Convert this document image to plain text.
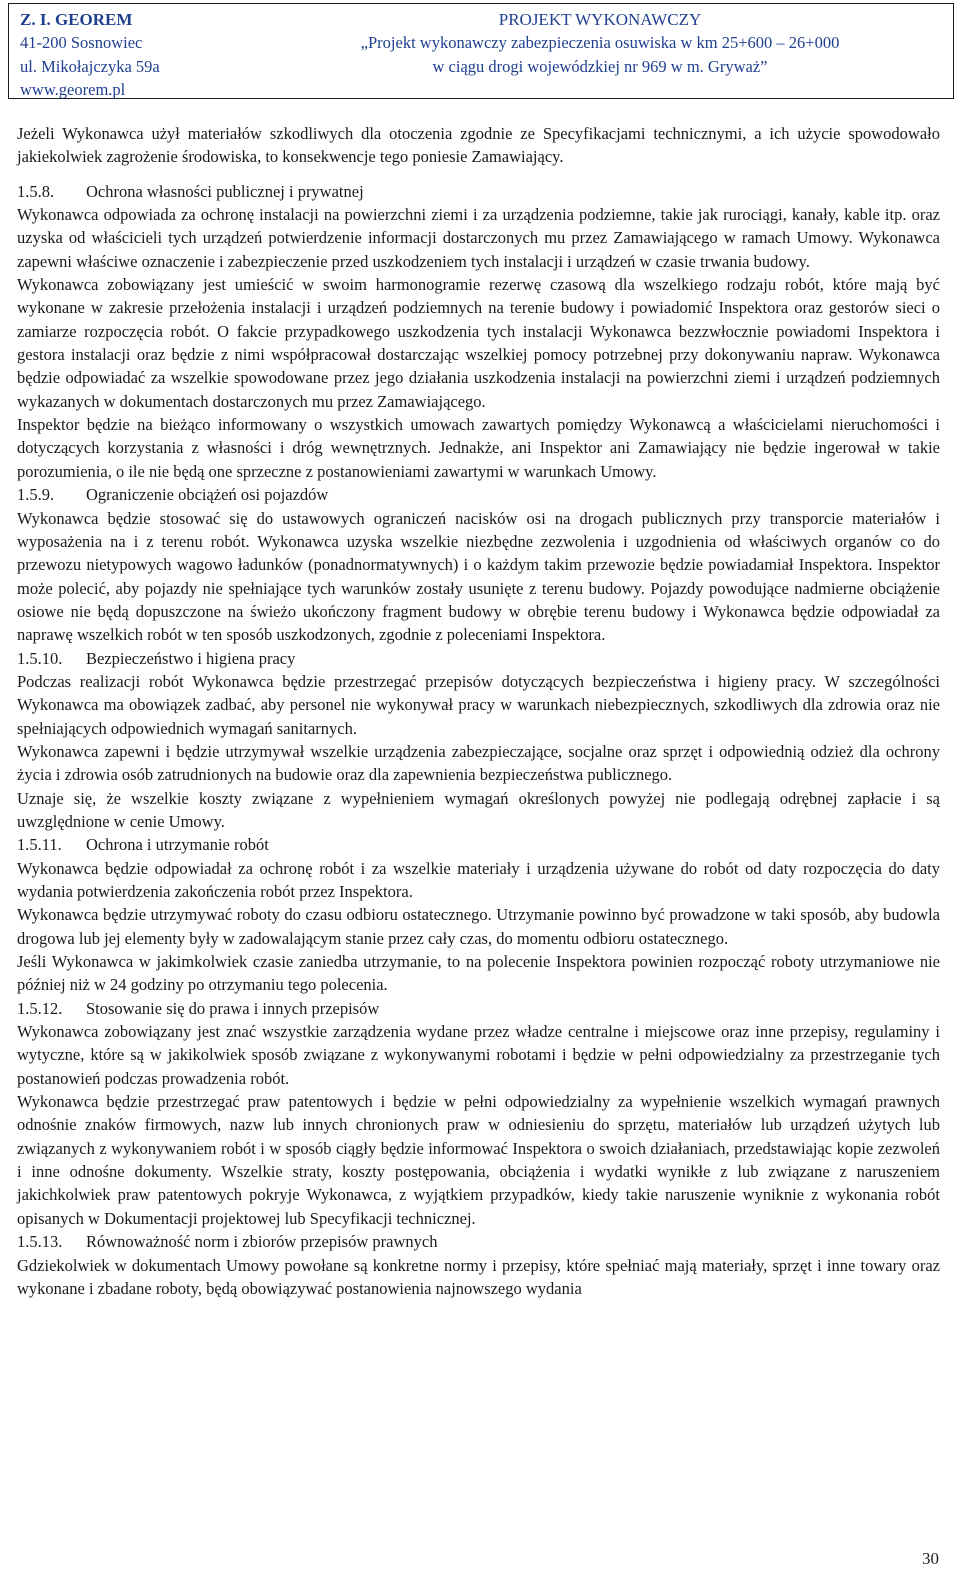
Z. I. GEOREM
41-200 Sosnowiec
ul. Mikołajczyka 59a
www.georem.pl
PROJEKT WYKONAWCZY
„Projekt wykonawczy zabezpieczenia osuwiska w km 25+600 – 26+000
w ciągu drogi wojewódzkiej nr 969 w m. Gryważ”

Jeżeli Wykonawca użył materiałów szkodliwych dla otoczenia zgodnie ze Specyfikacjami technicznymi, a ich użycie spowodowało jakiekolwiek zagrożenie środowiska, to konsekwencje tego poniesie Zamawiający.

1.5.8. Ochrona własności publicznej i prywatnej

Wykonawca odpowiada za ochronę instalacji na powierzchni ziemi i za urządzenia podziemne, takie jak rurociągi, kanały, kable itp. oraz uzyska od właścicieli tych urządzeń potwierdzenie informacji dostarczonych mu przez Zamawiającego w ramach Umowy. Wykonawca zapewni właściwe oznaczenie i zabezpieczenie przed uszkodzeniem tych instalacji i urządzeń w czasie trwania budowy.

Wykonawca zobowiązany jest umieścić w swoim harmonogramie rezerwę czasową dla wszelkiego rodzaju robót, które mają być wykonane w zakresie przełożenia instalacji i urządzeń podziemnych na terenie budowy i powiadomić Inspektora oraz gestorów sieci o zamiarze rozpoczęcia robót. O fakcie przypadkowego uszkodzenia tych instalacji Wykonawca bezzwłocznie powiadomi Inspektora i gestora instalacji oraz będzie z nimi współpracował dostarczając wszelkiej pomocy potrzebnej przy dokonywaniu napraw. Wykonawca będzie odpowiadać za wszelkie spowodowane przez jego działania uszkodzenia instalacji na powierzchni ziemi i urządzeń podziemnych wykazanych w dokumentach dostarczonych mu przez Zamawiającego.

Inspektor będzie na bieżąco informowany o wszystkich umowach zawartych pomiędzy Wykonawcą a właścicielami nieruchomości i dotyczących korzystania z własności i dróg wewnętrznych. Jednakże, ani Inspektor ani Zamawiający nie będzie ingerował w takie porozumienia, o ile nie będą one sprzeczne z postanowieniami zawartymi w warunkach Umowy.

1.5.9. Ograniczenie obciążeń osi pojazdów

Wykonawca będzie stosować się do ustawowych ograniczeń nacisków osi na drogach publicznych przy transporcie materiałów i wyposażenia na i z terenu robót. Wykonawca uzyska wszelkie niezbędne zezwolenia i uzgodnienia od właściwych organów co do przewozu nietypowych wagowo ładunków (ponadnormatywnych) i o każdym takim przewozie będzie powiadamiał Inspektora. Inspektor może polecić, aby pojazdy nie spełniające tych warunków zostały usunięte z terenu budowy. Pojazdy powodujące nadmierne obciążenie osiowe nie będą dopuszczone na świeżo ukończony fragment budowy w obrębie terenu budowy i Wykonawca będzie odpowiadał za naprawę wszelkich robót w ten sposób uszkodzonych, zgodnie z poleceniami Inspektora.

1.5.10. Bezpieczeństwo i higiena pracy

Podczas realizacji robót Wykonawca będzie przestrzegać przepisów dotyczących bezpieczeństwa i higieny pracy. W szczególności Wykonawca ma obowiązek zadbać, aby personel nie wykonywał pracy w warunkach niebezpiecznych, szkodliwych dla zdrowia oraz nie spełniających odpowiednich wymagań sanitarnych.

Wykonawca zapewni i będzie utrzymywał wszelkie urządzenia zabezpieczające, socjalne oraz sprzęt i odpowiednią odzież dla ochrony życia i zdrowia osób zatrudnionych na budowie oraz dla zapewnienia bezpieczeństwa publicznego.

Uznaje się, że wszelkie koszty związane z wypełnieniem wymagań określonych powyżej nie podlegają odrębnej zapłacie i są uwzględnione w cenie Umowy.

1.5.11. Ochrona i utrzymanie robót

Wykonawca będzie odpowiadał za ochronę robót i za wszelkie materiały i urządzenia używane do robót od daty rozpoczęcia do daty wydania potwierdzenia zakończenia robót przez Inspektora.

Wykonawca będzie utrzymywać roboty do czasu odbioru ostatecznego. Utrzymanie powinno być prowadzone w taki sposób, aby budowla drogowa lub jej elementy były w zadowalającym stanie przez cały czas, do momentu odbioru ostatecznego.

Jeśli Wykonawca w jakimkolwiek czasie zaniedba utrzymanie, to na polecenie Inspektora powinien rozpocząć roboty utrzymaniowe nie później niż w 24 godziny po otrzymaniu tego polecenia.

1.5.12. Stosowanie się do prawa i innych przepisów

Wykonawca zobowiązany jest znać wszystkie zarządzenia wydane przez władze centralne i miejscowe oraz inne przepisy, regulaminy i wytyczne, które są w jakikolwiek sposób związane z wykonywanymi robotami i będzie w pełni odpowiedzialny za przestrzeganie tych postanowień podczas prowadzenia robót.

Wykonawca będzie przestrzegać praw patentowych i będzie w pełni odpowiedzialny za wypełnienie wszelkich wymagań prawnych odnośnie znaków firmowych, nazw lub innych chronionych praw w odniesieniu do sprzętu, materiałów lub urządzeń użytych lub związanych z wykonywaniem robót i w sposób ciągły będzie informować Inspektora o swoich działaniach, przedstawiając kopie zezwoleń i inne odnośne dokumenty. Wszelkie straty, koszty postępowania, obciążenia i wydatki wynikłe z lub związane z naruszeniem jakichkolwiek praw patentowych pokryje Wykonawca, z wyjątkiem przypadków, kiedy takie naruszenie wyniknie z wykonania robót opisanych w Dokumentacji projektowej lub Specyfikacji technicznej.

1.5.13. Równoważność norm i zbiorów przepisów prawnych

Gdziekolwiek w dokumentach Umowy powołane są konkretne normy i przepisy, które spełniać mają materiały, sprzęt i inne towary oraz wykonane i zbadane roboty, będą obowiązywać postanowienia najnowszego wydania

30
